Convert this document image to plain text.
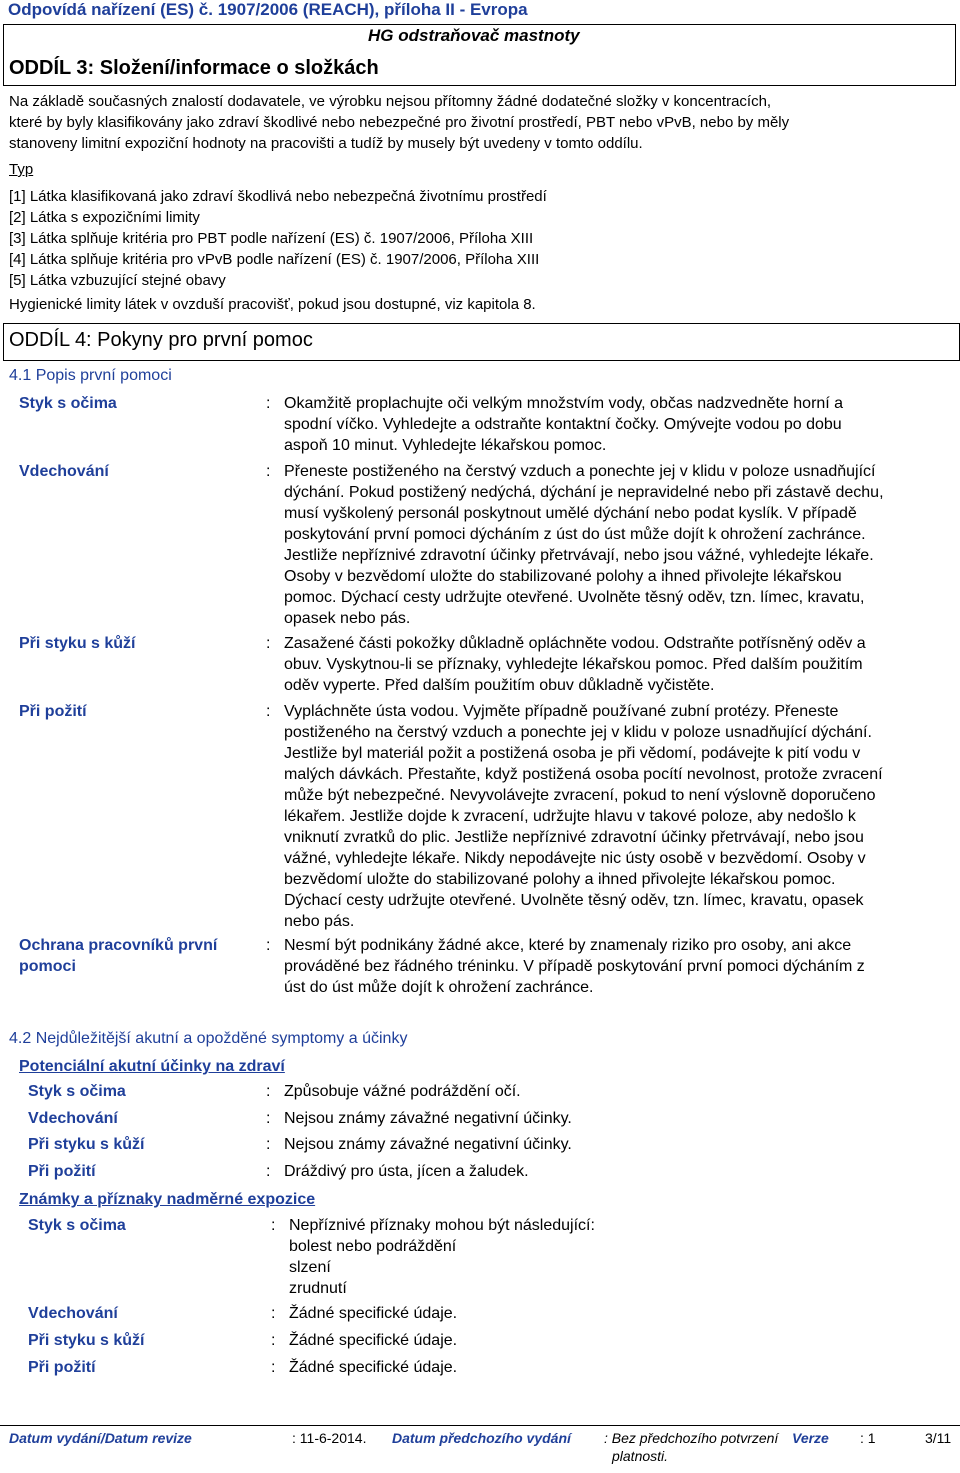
Odpovídá nařízení (ES) č. 1907/2006 (REACH), příloha II - Evropa
HG odstraňovač mastnoty
ODDÍL 3: Složení/informace o složkách
Na základě současných znalostí dodavatele, ve výrobku nejsou přítomny žádné dodatečné složky v koncentracích,
které by byly klasifikovány jako zdraví škodlivé nebo nebezpečné pro životní prostředí, PBT nebo vPvB, nebo by měly
stanoveny limitní expoziční hodnoty na pracovišti a tudíž by musely být uvedeny v tomto oddílu.
Typ
[1] Látka klasifikovaná jako zdraví škodlivá nebo nebezpečná životnímu prostředí
[2] Látka s expozičními limity
[3] Látka splňuje kritéria pro PBT podle nařízení (ES) č. 1907/2006, Příloha XIII
[4] Látka splňuje kritéria pro vPvB podle nařízení (ES) č. 1907/2006, Příloha XIII
[5] Látka vzbuzující stejné obavy
Hygienické limity látek v ovzduší pracovišť, pokud jsou dostupné, viz kapitola 8.
ODDÍL 4: Pokyny pro první pomoc
4.1 Popis první pomoci
Styk s očima	: Okamžitě proplachujte oči velkým množstvím vody, občas nadzvedněte horní a
spodní víčko. Vyhledejte a odstraňte kontaktní čočky. Omývejte vodou po dobu
aspoň 10 minut. Vyhledejte lékařskou pomoc.
Vdechování	: Přeneste postiženého na čerstvý vzduch a ponechte jej v klidu v poloze usnadňující
dýchání. Pokud postižený nedýchá, dýchání je nepravidelné nebo při zástavě dechu,
musí vyškolený personál poskytnout umělé dýchání nebo podat kyslík. V případě
poskytování první pomoci dýcháním z úst do úst může dojít k ohrožení zachránce.
Jestliže nepříznivé zdravotní účinky přetrvávají, nebo jsou vážné, vyhledejte lékaře.
Osoby v bezvědomí uložte do stabilizované polohy a ihned přivolejte lékařskou
pomoc. Dýchací cesty udržujte otevřené. Uvolněte těsný oděv, tzn. límec, kravatu,
opasek nebo pás.
Při styku s kůží	: Zasažené části pokožky důkladně opláchněte vodou. Odstraňte potřísněný oděv a
obuv. Vyskytnou-li se příznaky, vyhledejte lékařskou pomoc. Před dalším použitím
oděv vyperte. Před dalším použitím obuv důkladně vyčistěte.
Při požití	: Vypláchněte ústa vodou. Vyjměte případně používané zubní protézy. Přeneste
postiženého na čerstvý vzduch a ponechte jej v klidu v poloze usnadňující dýchání.
Jestliže byl materiál požit a postižená osoba je při vědomí, podávejte k pití vodu v
malých dávkách. Přestaňte, když postižená osoba pocítí nevolnost, protože zvracení
může být nebezpečné. Nevyvolávejte zvracení, pokud to není výslovně doporučeno
lékařem. Jestliže dojde k zvracení, udržujte hlavu v takové poloze, aby nedošlo k
vniknutí zvratků do plic. Jestliže nepříznivé zdravotní účinky přetrvávají, nebo jsou
vážné, vyhledejte lékaře. Nikdy nepodávejte nic ústy osobě v bezvědomí. Osoby v
bezvědomí uložte do stabilizované polohy a ihned přivolejte lékařskou pomoc.
Dýchací cesty udržujte otevřené. Uvolněte těsný oděv, tzn. límec, kravatu, opasek
nebo pás.
Ochrana pracovníků první
pomoci
: Nesmí být podnikány žádné akce, které by znamenaly riziko pro osoby, ani akce
prováděné bez řádného tréninku. V případě poskytování první pomoci dýcháním z
úst do úst může dojít k ohrožení zachránce.
4.2 Nejdůležitější akutní a opožděné symptomy a účinky
Potenciální akutní účinky na zdraví
Styk s očima	: Způsobuje vážné podráždění očí.
Vdechování	: Nejsou známy závažné negativní účinky.
Při styku s kůží	: Nejsou známy závažné negativní účinky.
Při požití	: Dráždivý pro ústa, jícen a žaludek.
Známky a příznaky nadměrné expozice
Styk s očima	: Nepříznivé příznaky mohou být následující:
bolest nebo podráždění
slzení
zrudnutí
Vdechování	: Žádné specifické údaje.
Při styku s kůží	: Žádné specifické údaje.
Při požití	: Žádné specifické údaje.
Datum vydání/Datum revize	: 11-6-2014. Datum předchozího vydání : Bez předchozího potvrzení
platnosti.
Verze : 1	3/11
